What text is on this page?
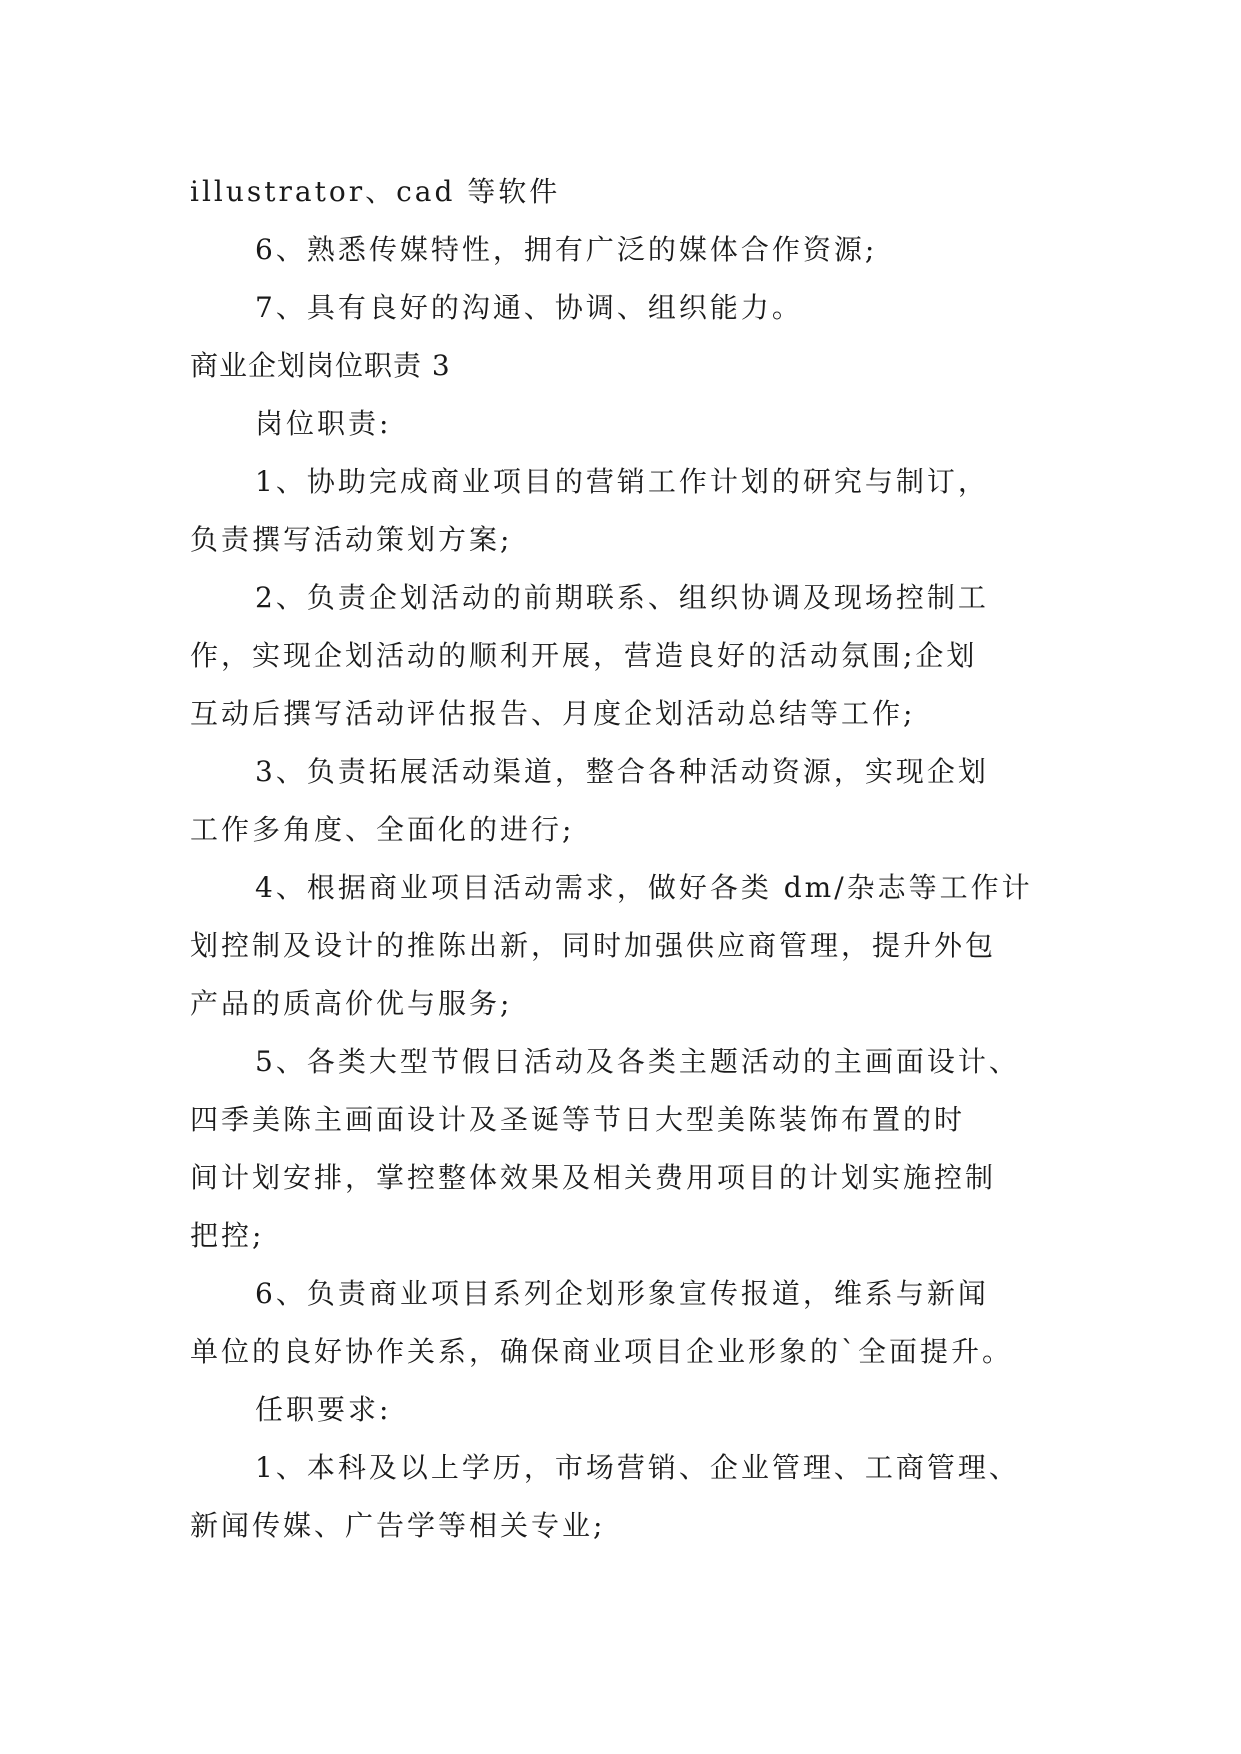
illustrator、cad 等软件
6、熟悉传媒特性，拥有广泛的媒体合作资源;
7、具有良好的沟通、协调、组织能力。
商业企划岗位职责 3
岗位职责:
1、协助完成商业项目的营销工作计划的研究与制订，
负责撰写活动策划方案;
2、负责企划活动的前期联系、组织协调及现场控制工
作，实现企划活动的顺利开展，营造良好的活动氛围;企划
互动后撰写活动评估报告、月度企划活动总结等工作;
3、负责拓展活动渠道，整合各种活动资源，实现企划
工作多角度、全面化的进行;
4、根据商业项目活动需求，做好各类 dm/杂志等工作计
划控制及设计的推陈出新，同时加强供应商管理，提升外包
产品的质高价优与服务;
5、各类大型节假日活动及各类主题活动的主画面设计、
四季美陈主画面设计及圣诞等节日大型美陈装饰布置的时
间计划安排，掌控整体效果及相关费用项目的计划实施控制
把控;
6、负责商业项目系列企划形象宣传报道，维系与新闻
单位的良好协作关系，确保商业项目企业形象的`全面提升。
任职要求:
1、本科及以上学历，市场营销、企业管理、工商管理、
新闻传媒、广告学等相关专业;
